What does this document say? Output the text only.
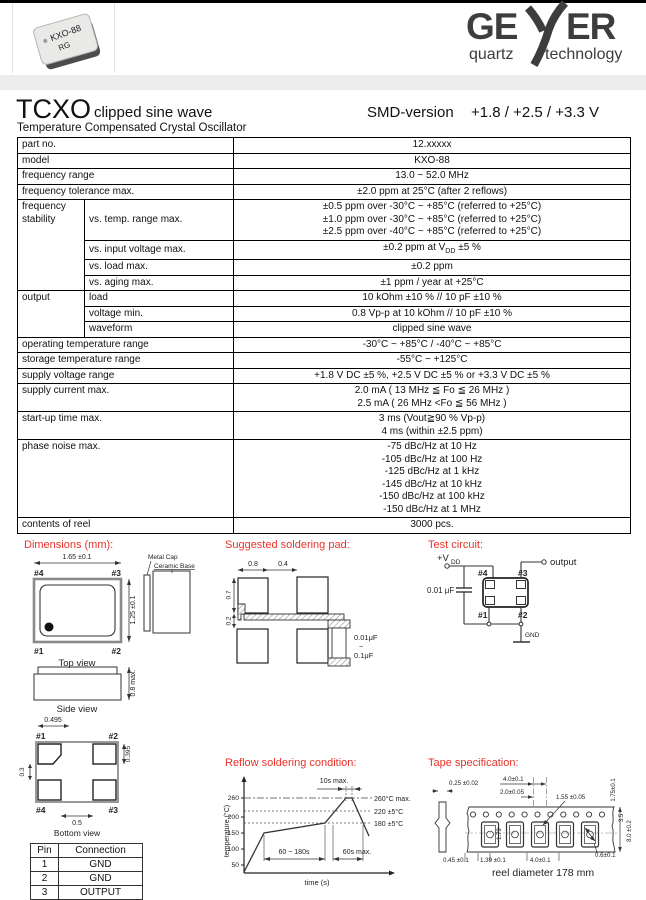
KXO-88
RG	GE ER
quartz technology
TCXO clipped sine wave	SMD-version +1.8 / +2.5 / +3.3 V
Temperature Compensated Crystal Oscillator
part no.		12.xxxxx
model		KXO-88
frequency range		13.0 ~ 52.0 MHz
frequency tolerance max.		±2.0 ppm at 25°C (after 2 reflows)
frequency stability	vs. temp. range max.	±0.5 ppm over -30°C ~ +85°C (referred to +25°C)
±1.0 ppm over -30°C ~ +85°C (referred to +25°C)
±2.5 ppm over -40°C ~ +85°C (referred to +25°C)

	vs. input voltage max.	±0.2 ppm at $V_{DD} \pm 5$ %
	vs. load max.	±0.2 ppm
	vs. aging max.	±1 ppm / year at +25°C
output	load	10 kOhm ±10 % // 10 pF ±10 %
	voltage min.	0.8 Vp-p at 10 kOhm // 10 pF ±10 %
	waveform	clipped sine wave
operating temperature range		-30°C ~ +85°C / -40°C ~ +85°C
storage temperature range		-55°C ~ +125°C
supply voltage range		+1.8 V DC ±5 %, +2.5 V DC ±5 % or +3.3 V DC ±5 %
supply current max.		2.0 mA ( 13 MHz ≦ Fo ≦ 26 MHz )
2.5 mA ( 26 MHz <Fo ≦ 56 MHz )

start-up time max.		3 ms (Vout≧90 % Vp-p)
4 ms (within ±2.5 ppm)

phase noise max.	-75 dBc/Hz at 10 Hz
-105 dBc/Hz at 100 Hz
-125 dBc/Hz at 1 kHz
-145 dBc/Hz at 10 kHz
-150 dBc/Hz at 100 kHz
-150 dBc/Hz at 1 MHz

contents of reel		3000 pcs.
Dimensions (mm):
1.65 ±0.1
#4	#3
1.25 ±0.1
#1	#2
Top view
Metal Cap
Ceramic Base
0.8 max.
Side view
0.495
#1	#2
0.395
0.3
#4	#3
0.5
Bottom view
Pin	Connection
1	GND
2	GND
3	OUTPUT
Suggested soldering pad:
0.8	0.4
0.7
0.2
0.01μF
~
0.1μF
Test circuit:
+V DD
0.01 μF
#4	#3
#1	#2
output
GND
Reflow soldering condition:
260
200
150
100
50
260°C max.
220 ±5°C
180 ±5°C
10s max.
60 ~ 180s	60s max.
temperature (°C)
time (s)
Tape specification:
0.25 ±0.02
4.0±0.1
2.0±0.05
1.79
1.55 ±0.05	1.75±0.1
3.5
8.0 ±0.2
0.45 ±0.1 1.39 ±0.1	4.0±0.1
0.6±0.1
reel diameter 178 mm
